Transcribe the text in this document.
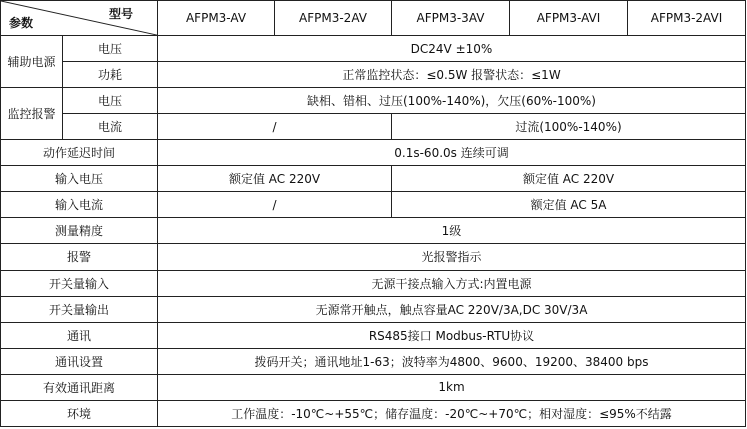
型号
参数		AFPM3-AV	AFPM3-2AV	AFPM3-3AV	AFPM3-AVI	AFPM3-2AVI
辅助电源	电压	DC24V ±10%				
	功耗	正常监控状态：≤0.5W 报警状态：≤1W				
监控报警	电压	缺相、错相、过压(100%-140%)，欠压(60%-100%)				
	电流	/		过流(100%-140%)		
动作延迟时间		0.1s-60.0s 连续可调				
输入电压		额定值 AC 220V		额定值 AC 220V		
输入电流		/		额定值 AC 5A		
测量精度		1级				
报警		光报警指示				
开关量输入		无源干接点输入方式:内置电源				
开关量输出		无源常开触点，触点容量AC 220V/3A,DC 30V/3A				
通讯		RS485接口 Modbus-RTU协议				
通讯设置		拨码开关；通讯地址1-63；波特率为4800、9600、19200、38400 bps				
有效通讯距离		1km				
环境		工作温度：-10℃~+55℃；储存温度：-20℃~+70℃；相对湿度：≤95%不结露				
